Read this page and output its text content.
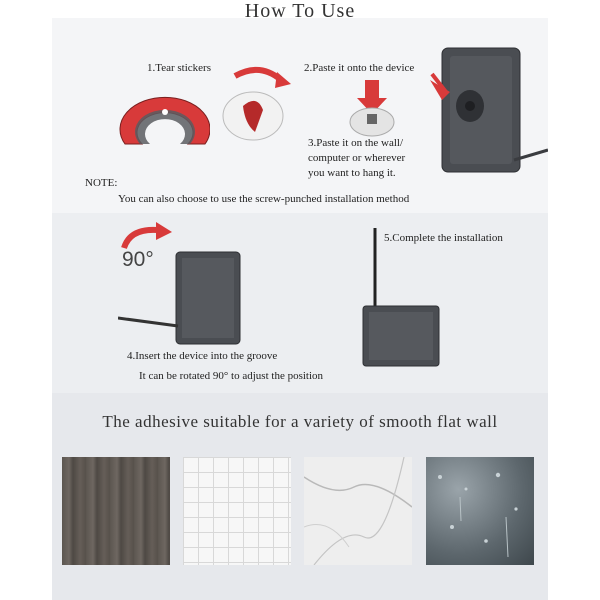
How To Use
1.Tear stickers	2.Paste it onto the device
3.Paste it on the wall/
computer or wherever
you want to hang it.
NOTE:
You can also choose to use the screw-punched installation method
90°
4.Insert the device into the groove
It can be rotated 90° to adjust the position
5.Complete the installation
The adhesive suitable for a variety of smooth flat wall
